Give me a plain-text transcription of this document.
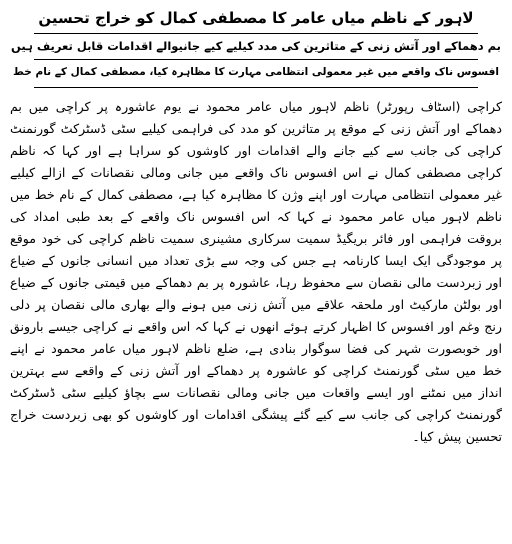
لاہور کے ناظم میاں عامر کا مصطفی کمال کو خراج تحسین

بم دھماکے اور آتش زنی کے متاثرین کی مدد کیلیے کیے جانیوالے اقدامات قابل تعریف ہیں

افسوس ناک واقعے میں غیر معمولی انتظامی مہارت کا مظاہرہ کیا، مصطفی کمال کے نام خط

کراچی (اسٹاف رپورٹر) ناظم لاہور میاں عامر محمود نے یوم عاشورہ پر کراچی میں بم دھماکے اور آتش زنی کے موقع پر متاثرین کو مدد کی فراہمی کیلیے سٹی ڈسٹرکٹ گورنمنٹ کراچی کی جانب سے کیے جانے والے اقدامات اور کاوشوں کو سراہا ہے اور کہا کہ ناظم کراچی مصطفی کمال نے اس افسوس ناک واقعے میں جانی ومالی نقصانات کے ازالے کیلیے غیر معمولی انتظامی مہارت اور اپنے وژن کا مظاہرہ کیا ہے، مصطفی کمال کے نام خط میں ناظم لاہور میاں عامر محمود نے کہا کہ اس افسوس ناک واقعے کے بعد طبی امداد کی بروقت فراہمی اور فائر بریگیڈ سمیت سرکاری مشینری سمیت ناظم کراچی کی خود موقع پر موجودگی ایک ایسا کارنامہ ہے جس کی وجہ سے بڑی تعداد میں انسانی جانوں کے ضیاع اور زبردست مالی نقصان سے محفوظ رہا، عاشورہ پر بم دھماکے میں قیمتی جانوں کے ضیاع اور بولٹن مارکیٹ اور ملحقہ علاقے میں آتش زنی میں ہونے والے بھاری مالی نقصان پر دلی رنج وغم اور افسوس کا اظہار کرتے ہوئے انھوں نے کہا کہ اس واقعے نے کراچی جیسے بارونق اور خوبصورت شہر کی فضا سوگوار بنادی ہے، ضلع ناظم لاہور میاں عامر محمود نے اپنے خط میں سٹی گورنمنٹ کراچی کو عاشورہ پر دھماکے اور آتش زنی کے واقعے سے بہترین انداز میں نمٹنے اور ایسے واقعات میں جانی ومالی نقصانات سے بچاؤ کیلیے سٹی ڈسٹرکٹ گورنمنٹ کراچی کی جانب سے کیے گئے پیشگی اقدامات اور کاوشوں کو بھی زبردست خراج تحسین پیش کیا۔
